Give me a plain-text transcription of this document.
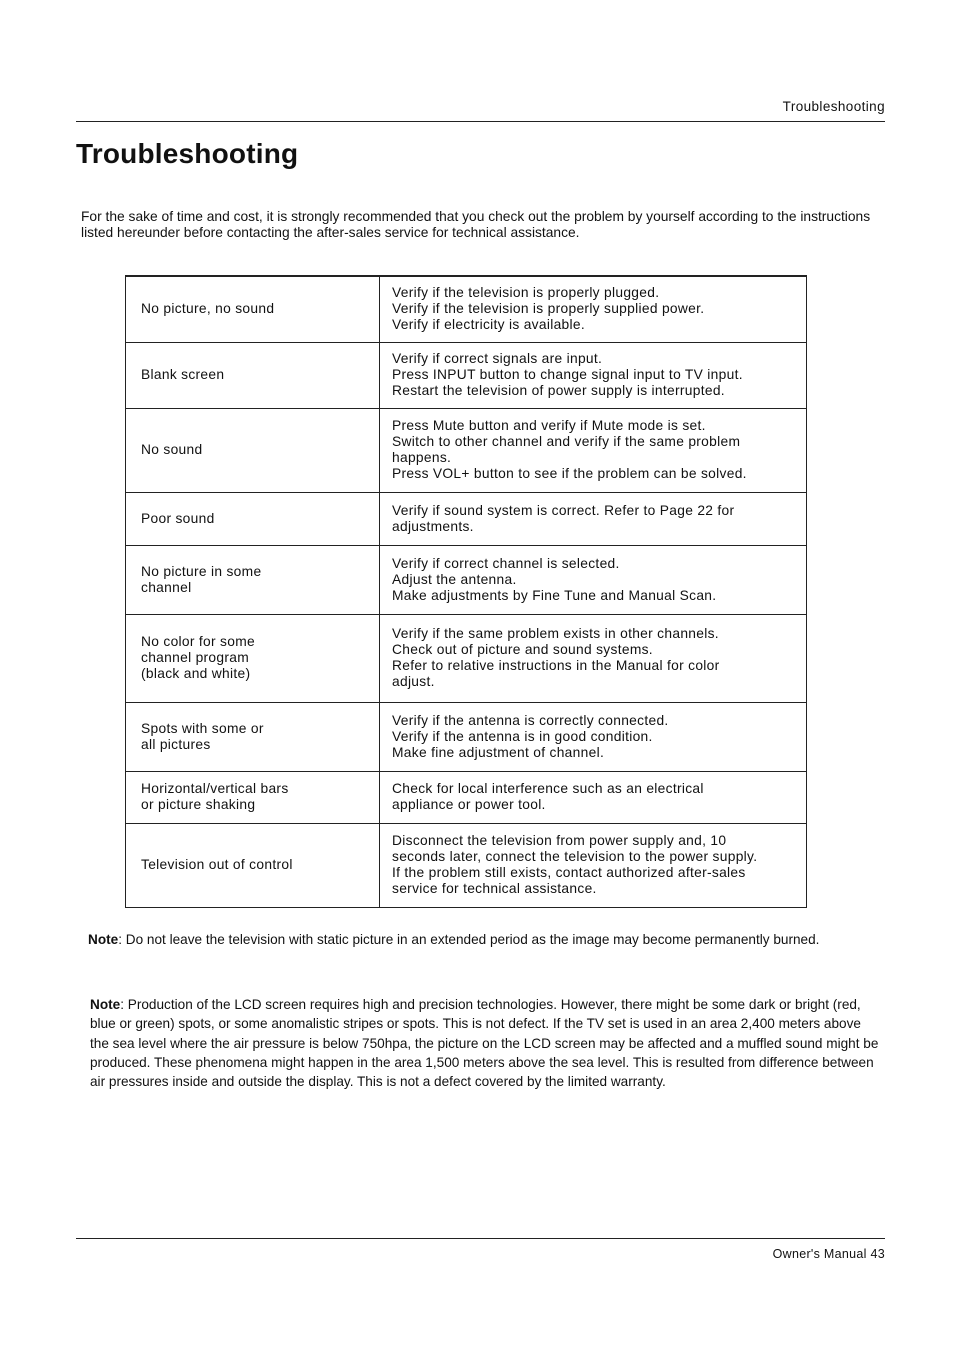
Troubleshooting
Troubleshooting

For the sake of time and cost, it is strongly recommended that you check out the problem by yourself according to the instructions listed hereunder before contacting the after-sales service for technical assistance.

No picture, no sound	Verify if the television is properly plugged.
Verify if the television is properly supplied power.
Verify if electricity is available.

Blank screen	Verify if correct signals are input.
Press INPUT button to change signal input to TV input.
Restart the television of power supply is interrupted.

No sound	Press Mute button and verify if Mute mode is set.
Switch to other channel and verify if the same problem
happens.
Press VOL+ button to see if the problem can be solved.

Poor sound	Verify if sound system is correct. Refer to Page 22 for
adjustments.

No picture in some
channel	Verify if correct channel is selected.
Adjust the antenna.
Make adjustments by Fine Tune and Manual Scan.

No color for some
channel program
(black and white)	Verify if the same problem exists in other channels.
Check out of picture and sound systems.
Refer to relative instructions in the Manual for color
adjust.

Spots with some or
all pictures	Verify if the antenna is correctly connected.
Verify if the antenna is in good condition.
Make fine adjustment of channel.

Horizontal/vertical bars
or picture shaking	Check for local interference such as an electrical
appliance or power tool.

Television out of control	Disconnect the television from power supply and, 10
seconds later, connect the television to the power supply.
If the problem still exists, contact authorized after-sales
service for technical assistance.

Note: Do not leave the television with static picture in an extended period as the image may become permanently burned.

Note: Production of the LCD screen requires high and precision technologies. However, there might be some dark or bright (red, blue or green) spots, or some anomalistic stripes or spots. This is not defect. If the TV set is used in an area 2,400 meters above the sea level where the air pressure is below 750hpa, the picture on the LCD screen may be affected and a muffled sound might be produced. These phenomena might happen in the area 1,500 meters above the sea level. This is resulted from difference between air pressures inside and outside the display. This is not a defect covered by the limited warranty.

Owner's Manual 43
